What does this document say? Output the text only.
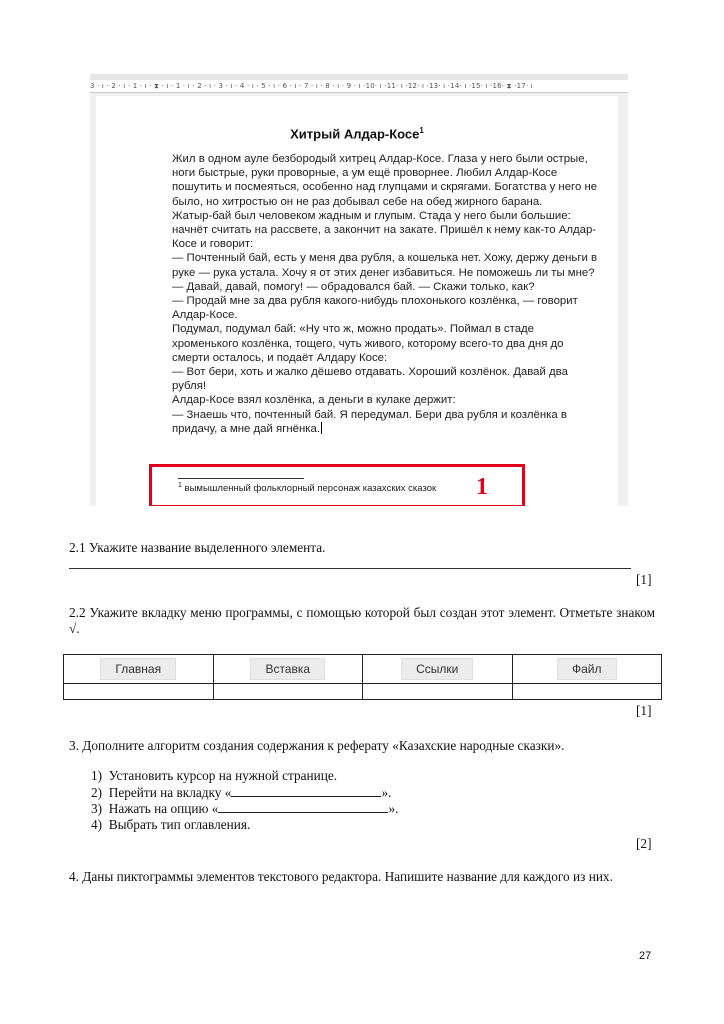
3 · ı · 2 · ı · 1 · ı · ⧗ · ı · 1 · ı · 2 · ı · 3 · ı · 4 · ı · 5 · ı · 6 · ı · 7 · ı · 8 · ı · 9 · ı ·10· ı ·11· ı ·12· ı ·13· ı ·14· ı ·15· ı ·16· ⧗ ·17· ı
Хитрый Алдар-Косе$^1$

Жил в одном ауле безбородый хитрец Алдар-Косе. Глаза у него были острые, ноги быстрые, руки проворные, а ум ещё проворнее. Любил Алдар-Косе пошутить и посмеяться, особенно над глупцами и скрягами. Богатства у него не было, но хитростью он не раз добывал себе на обед жирного барана.

Жатыр-бай был человеком жадным и глупым. Стада у него были большие: начнёт считать на рассвете, а закончит на закате. Пришёл к нему как-то Алдар-Косе и говорит:

— Почтенный бай, есть у меня два рубля, а кошелька нет. Хожу, держу деньги в руке — рука устала. Хочу я от этих денег избавиться. Не поможешь ли ты мне?

— Давай, давай, помогу! — обрадовался бай. — Скажи только, как?

— Продай мне за два рубля какого-нибудь плохонького козлёнка, — говорит Алдар-Косе.

Подумал, подумал бай: «Ну что ж, можно продать». Поймал в стаде хроменького козлёнка, тощего, чуть живого, которому всего-то два дня до смерти осталось, и подаёт Алдару Косе:

— Вот бери, хоть и жалко дёшево отдавать. Хороший козлёнок. Давай два рубля!

Алдар-Косе взял козлёнка, а деньги в кулаке держит:

— Знаешь что, почтенный бай. Я передумал. Бери два рубля и козлёнка в придачу, а мне дай ягнёнка.

$^1$ вымышленный фольклорный персонаж казахских сказок 1
2.1 Укажите название выделенного элемента.
[1]
2.2 Укажите вкладку меню программы, с помощью которой был создан этот элемент. Отметьте знаком √.
Главная	Вставка	Ссылки	Файл

[1]
3. Дополните алгоритм создания содержания к реферату «Казахские народные сказки».
1) Установить курсор на нужной странице.
2) Перейти на вкладку «	».
3) Нажать на опцию «	».
4) Выбрать тип оглавления.
[2]
4. Даны пиктограммы элементов текстового редактора. Напишите название для каждого из них.
27
